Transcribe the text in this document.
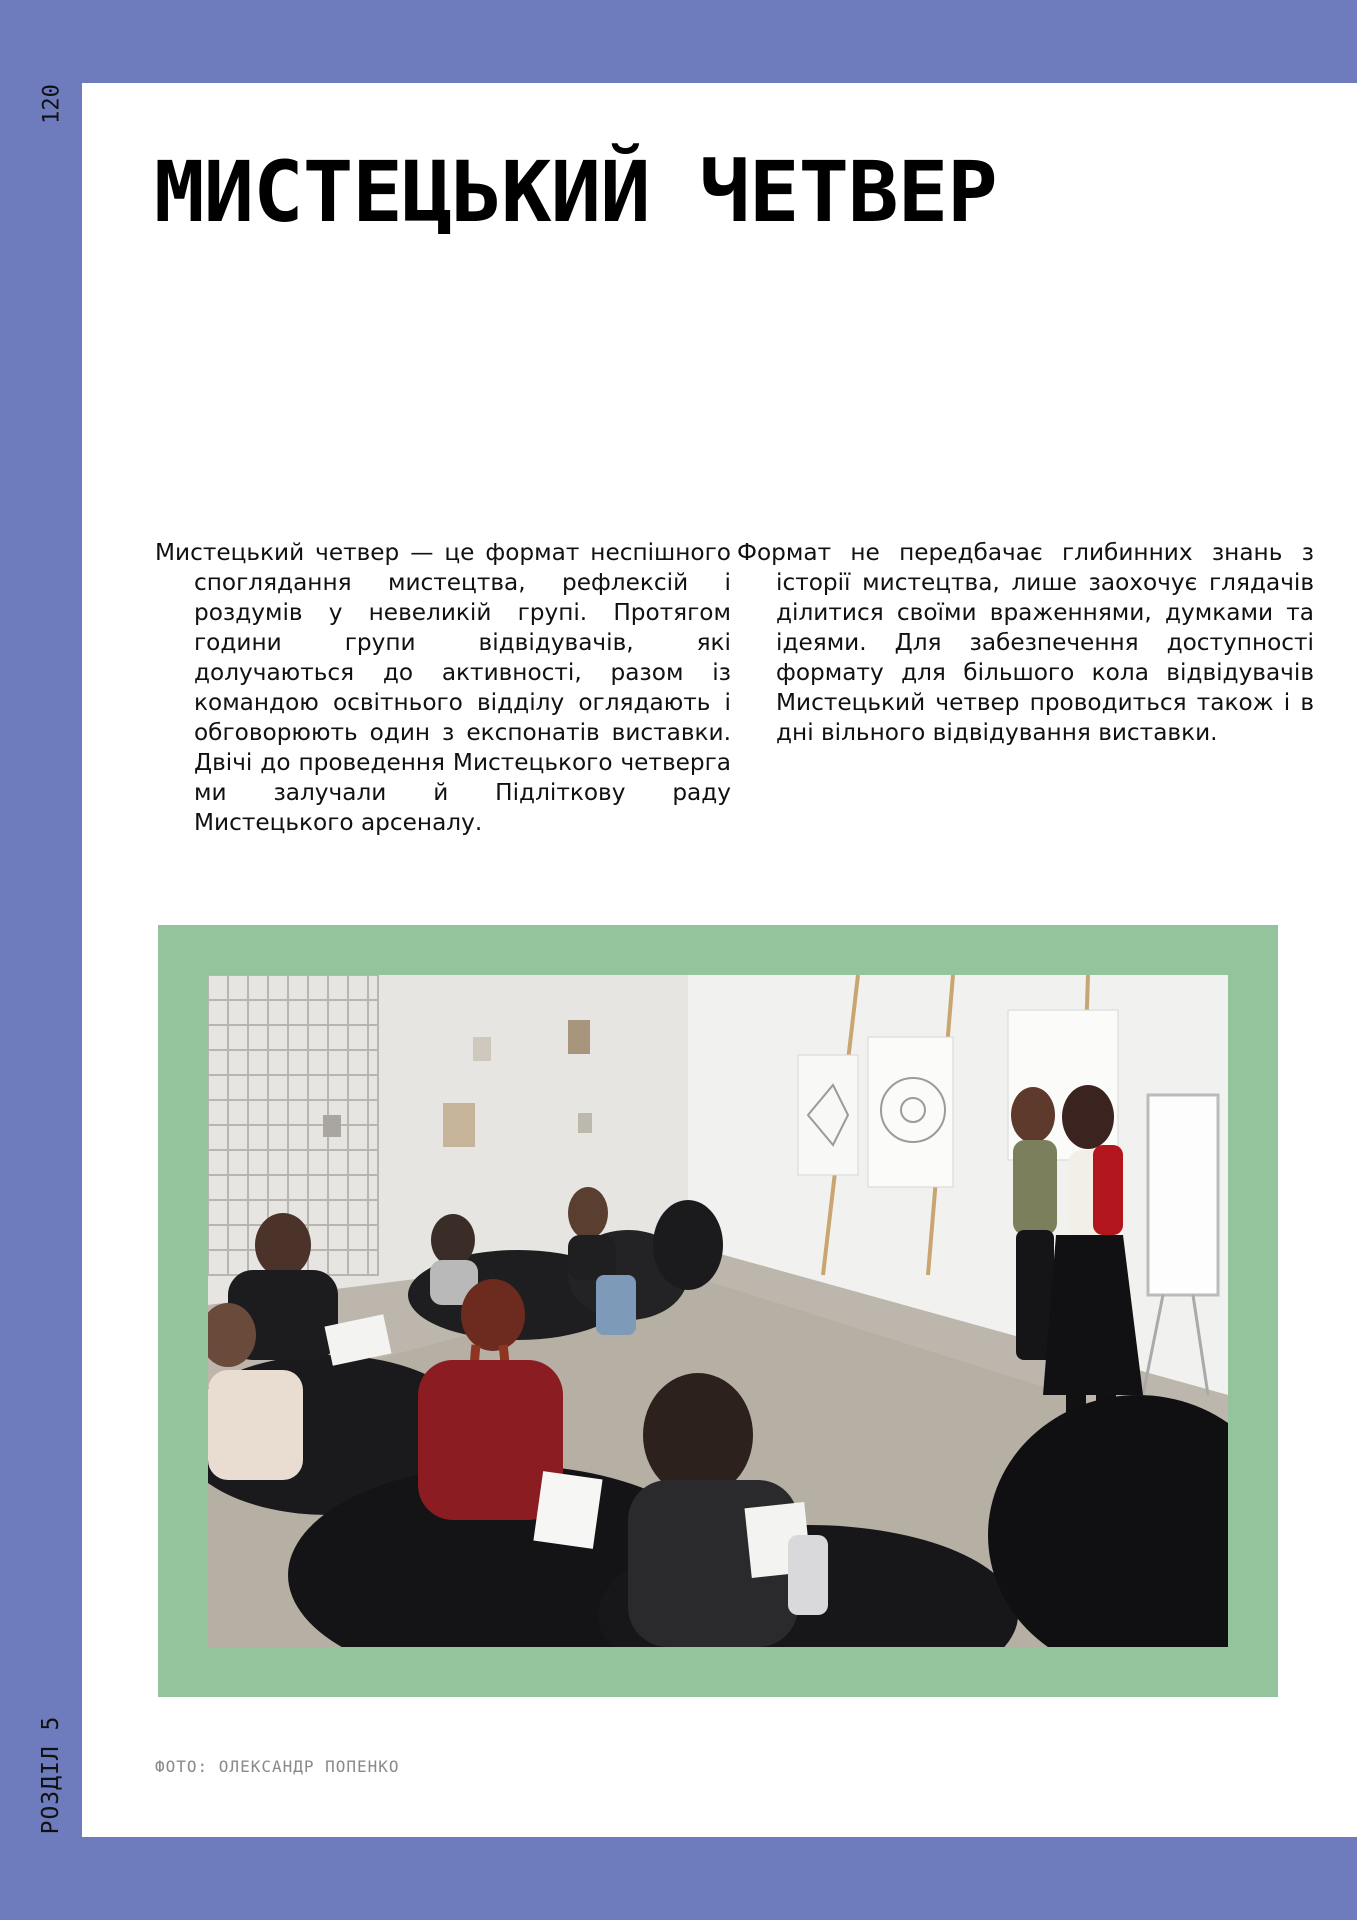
120
РОЗДІЛ 5
МИСТЕЦЬКИЙ ЧЕТВЕР

Мистецький четвер — це формат неспішного споглядання мистецтва, рефлексій і роздумів у невеликій групі. Протягом години групи відвідувачів, які долучаються до активності, разом із командою освітнього відділу оглядають і обговорюють один з експонатів виставки. Двічі до проведення Мистецького четверга ми залучали й Підліткову раду Мистецького арсеналу.

Формат не передбачає глибинних знань з історії мистецтва, лише заохочує глядачів ділитися своїми враженнями, думками та ідеями. Для забезпечення доступності формату для більшого кола відвідувачів Мистецький четвер проводиться також і в дні вільного відвідування виставки.

ФОТО: ОЛЕКСАНДР ПОПЕНКО
